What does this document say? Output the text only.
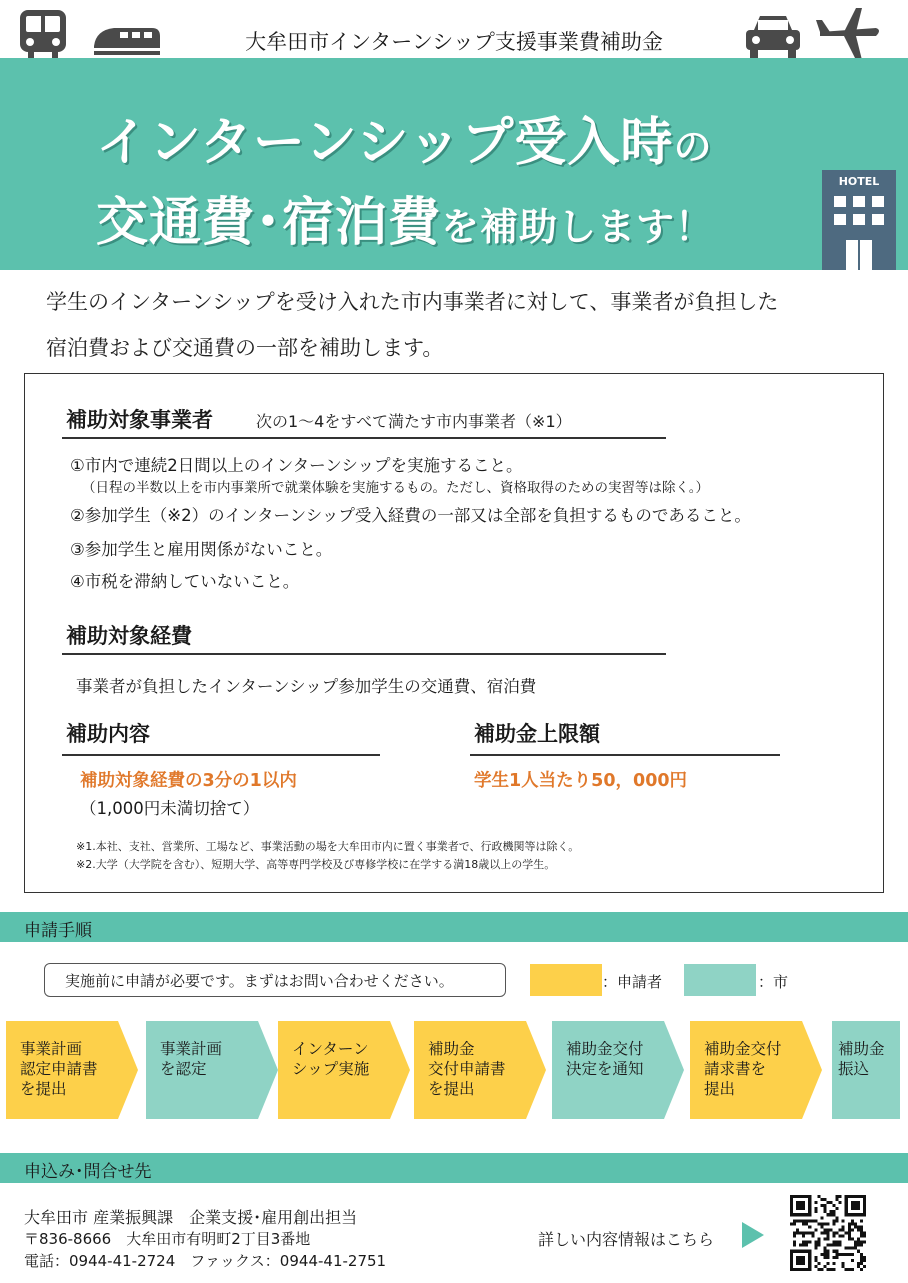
大牟田市インターンシップ支援事業費補助金
インターンシップ受入時の
交通費･宿泊費を補助します！
HOTEL
学生のインターンシップを受け入れた市内事業者に対して、事業者が負担した
宿泊費および交通費の一部を補助します。
補助対象事業者	次の1～4をすべて満たす市内事業者（※1）
①市内で連続2日間以上のインターンシップを実施すること。
（日程の半数以上を市内事業所で就業体験を実施するもの。ただし、資格取得のための実習等は除く。）
②参加学生（※2）のインターンシップ受入経費の一部又は全部を負担するものであること。
③参加学生と雇用関係がないこと。
④市税を滞納していないこと。
補助対象経費
事業者が負担したインターンシップ参加学生の交通費、宿泊費
補助内容
補助対象経費の3分の1以内
（1,000円未満切捨て）
補助金上限額
学生1人当たり50，000円
※1.本社、支社、営業所、工場など、事業活動の場を大牟田市内に置く事業者で、行政機関等は除く。
※2.大学（大学院を含む）、短期大学、高等専門学校及び専修学校に在学する満18歳以上の学生。
申請手順
実施前に申請が必要です。まずはお問い合わせください。	：申請者	：市
事業計画
認定申請書
を提出
事業計画
を認定
インターン
シップ実施
補助金
交付申請書
を提出
補助金交付
決定を通知
補助金交付
請求書を
提出
補助金
振込
申込み･問合せ先
大牟田市 産業振興課　企業支援･雇用創出担当
〒836-8666　大牟田市有明町2丁目3番地
電話：0944-41-2724　ファックス：0944-41-2751
詳しい内容情報はこちら
